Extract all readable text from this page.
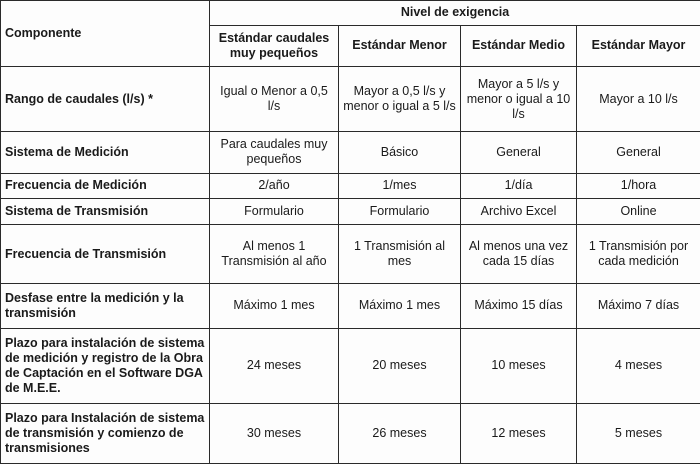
Componente	Nivel de exigencia			
	Estándar caudales muy pequeños	Estándar Menor	Estándar Medio	Estándar Mayor
Rango de caudales (l/s) *	Igual o Menor a 0,5 l/s	Mayor a 0,5 l/s y menor o igual a 5 l/s	Mayor a 5 l/s y menor o igual a 10 l/s	Mayor a 10 l/s
Sistema de Medición	Para caudales muy pequeños	Básico	General	General
Frecuencia de Medición	2/año	1/mes	1/día	1/hora
Sistema de Transmisión	Formulario	Formulario	Archivo Excel	Online
Frecuencia de Transmisión	Al menos 1 Transmisión al año	1 Transmisión al mes	Al menos una vez cada 15 días	1 Transmisión por cada medición
Desfase entre la medición y la transmisión	Máximo 1 mes	Máximo 1 mes	Máximo 15 días	Máximo 7 días
Plazo para instalación de sistema de medición y registro de la Obra de Captación en el Software DGA de M.E.E.	24 meses	20 meses	10 meses	4 meses
Plazo para Instalación de sistema de transmisión y comienzo de transmisiones	30 meses	26 meses	12 meses	5 meses
